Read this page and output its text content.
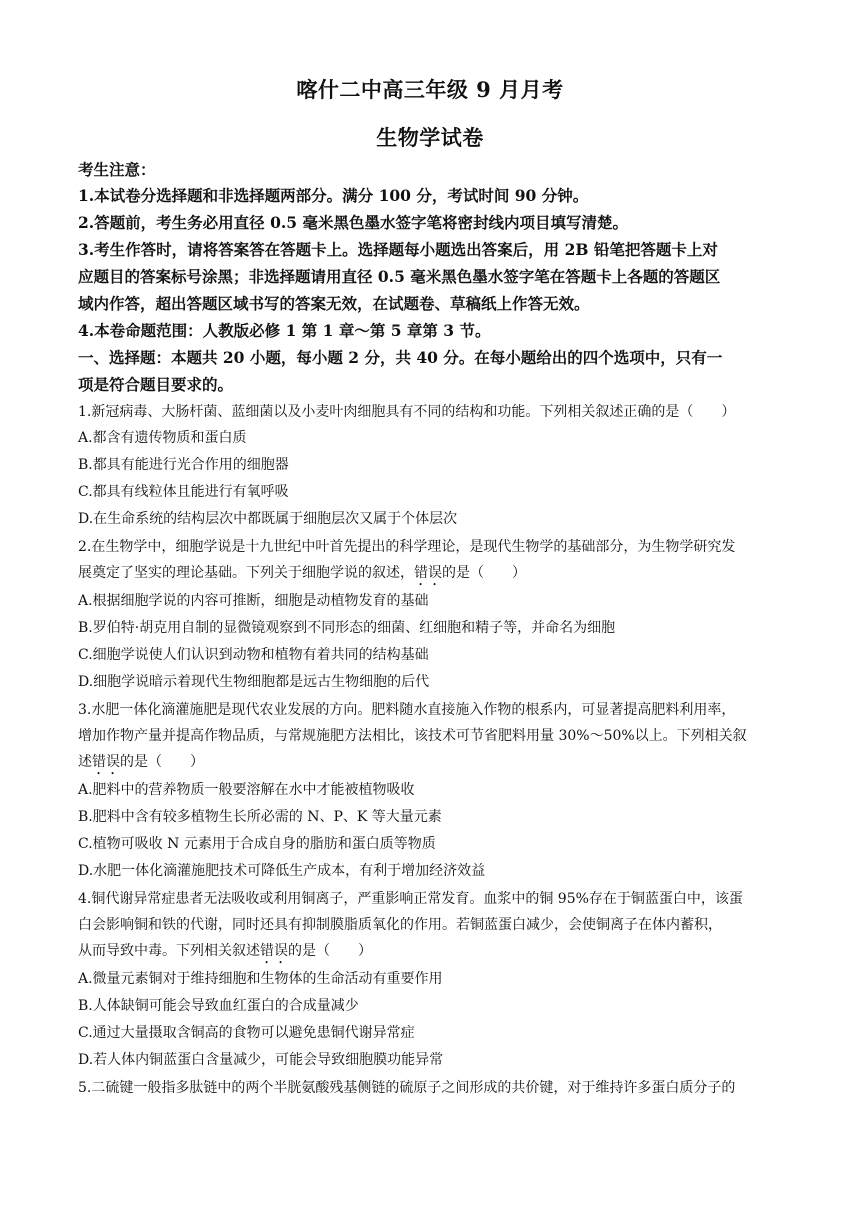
喀什二中高三年级 9 月月考
生物学试卷
考生注意：
1.本试卷分选择题和非选择题两部分。满分 100 分，考试时间 90 分钟。
2.答题前，考生务必用直径 0.5 毫米黑色墨水签字笔将密封线内项目填写清楚。
3.考生作答时，请将答案答在答题卡上。选择题每小题选出答案后，用 2B 铅笔把答题卡上对
应题目的答案标号涂黑；非选择题请用直径 0.5 毫米黑色墨水签字笔在答题卡上各题的答题区
域内作答，超出答题区域书写的答案无效，在试题卷、草稿纸上作答无效。
4.本卷命题范围：人教版必修 1 第 1 章～第 5 章第 3 节。
一、选择题：本题共 20 小题，每小题 2 分，共 40 分。在每小题给出的四个选项中，只有一
项是符合题目要求的。
1.新冠病毒、大肠杆菌、蓝细菌以及小麦叶肉细胞具有不同的结构和功能。下列相关叙述正确的是（　　）
A.都含有遗传物质和蛋白质
B.都具有能进行光合作用的细胞器
C.都具有线粒体且能进行有氧呼吸
D.在生命系统的结构层次中都既属于细胞层次又属于个体层次
2.在生物学中，细胞学说是十九世纪中叶首先提出的科学理论，是现代生物学的基础部分，为生物学研究发
展奠定了坚实的理论基础。下列关于细胞学说的叙述，错误的是（　　）
A.根据细胞学说的内容可推断，细胞是动植物发育的基础
B.罗伯特·胡克用自制的显微镜观察到不同形态的细菌、红细胞和精子等，并命名为细胞
C.细胞学说使人们认识到动物和植物有着共同的结构基础
D.细胞学说暗示着现代生物细胞都是远古生物细胞的后代
3.水肥一体化滴灌施肥是现代农业发展的方向。肥料随水直接施入作物的根系内，可显著提高肥料利用率，
增加作物产量并提高作物品质，与常规施肥方法相比，该技术可节省肥料用量 30%～50%以上。下列相关叙
述错误的是（　　）
A.肥料中的营养物质一般要溶解在水中才能被植物吸收
B.肥料中含有较多植物生长所必需的 N、P、K 等大量元素
C.植物可吸收 N 元素用于合成自身的脂肪和蛋白质等物质
D.水肥一体化滴灌施肥技术可降低生产成本，有利于增加经济效益
4.铜代谢异常症患者无法吸收或利用铜离子，严重影响正常发育。血浆中的铜 95%存在于铜蓝蛋白中，该蛋
白会影响铜和铁的代谢，同时还具有抑制膜脂质氧化的作用。若铜蓝蛋白减少，会使铜离子在体内蓄积，
从而导致中毒。下列相关叙述错误的是（　　）
A.微量元素铜对于维持细胞和生物体的生命活动有重要作用
B.人体缺铜可能会导致血红蛋白的合成量减少
C.通过大量摄取含铜高的食物可以避免患铜代谢异常症
D.若人体内铜蓝蛋白含量减少，可能会导致细胞膜功能异常
5.二硫键一般指多肽链中的两个半胱氨酸残基侧链的硫原子之间形成的共价键，对于维持许多蛋白质分子的
